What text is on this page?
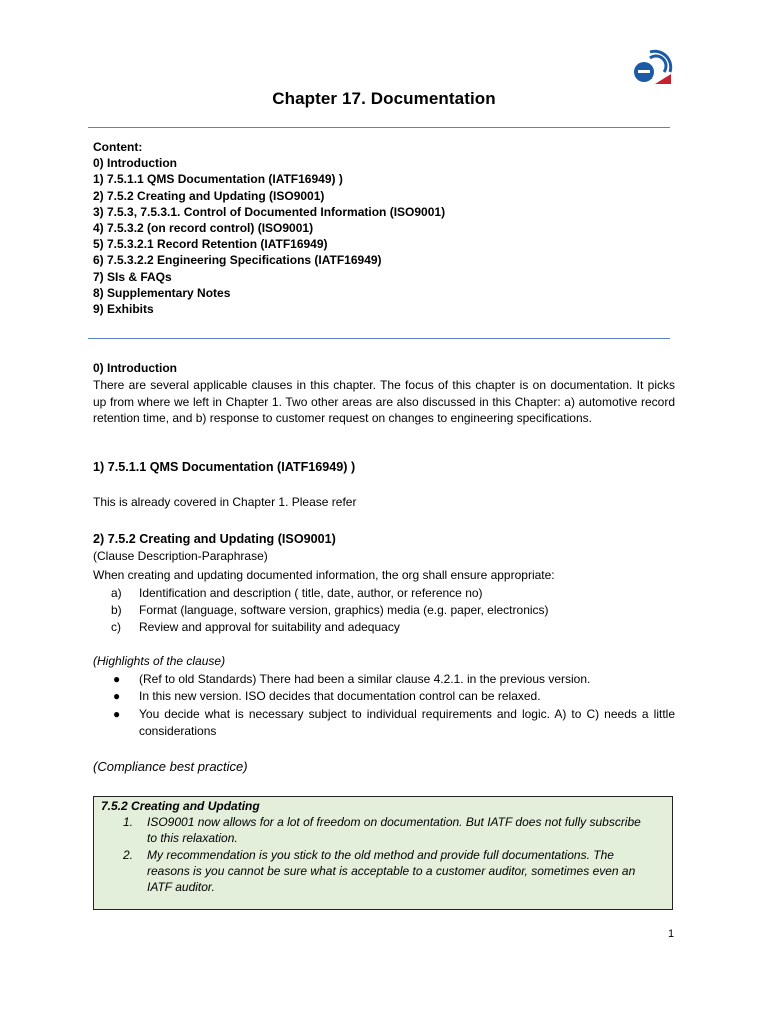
Chapter 17. Documentation
Content:
0) Introduction
1) 7.5.1.1 QMS Documentation (IATF16949) )
2) 7.5.2 Creating and Updating (ISO9001)
3) 7.5.3, 7.5.3.1. Control of Documented Information (ISO9001)
4) 7.5.3.2 (on record control) (ISO9001)
5) 7.5.3.2.1 Record Retention (IATF16949)
6) 7.5.3.2.2 Engineering Specifications (IATF16949)
7) SIs & FAQs
8) Supplementary Notes
9) Exhibits
0) Introduction
There are several applicable clauses in this chapter. The focus of this chapter is on documentation. It picks up from where we left in Chapter 1. Two other areas are also discussed in this Chapter: a) automotive record retention time, and b) response to customer request on changes to engineering specifications.
1) 7.5.1.1 QMS Documentation (IATF16949) )
This is already covered in Chapter 1. Please refer
2) 7.5.2 Creating and Updating (ISO9001)
(Clause Description-Paraphrase)
When creating and updating documented information, the org shall ensure appropriate:
a) Identification and description ( title, date, author, or reference no)
b) Format (language, software version, graphics) media (e.g. paper, electronics)
c) Review and approval for suitability and adequacy
(Highlights of the clause)
● (Ref to old Standards) There had been a similar clause 4.2.1. in the previous version.
● In this new version. ISO decides that documentation control can be relaxed.
● You decide what is necessary subject to individual requirements and logic. A) to C) needs a little considerations
(Compliance best practice)
7.5.2 Creating and Updating
1. ISO9001 now allows for a lot of freedom on documentation. But IATF does not fully subscribe to this relaxation.
2. My recommendation is you stick to the old method and provide full documentations. The reasons is you cannot be sure what is acceptable to a customer auditor, sometimes even an IATF auditor.
1
